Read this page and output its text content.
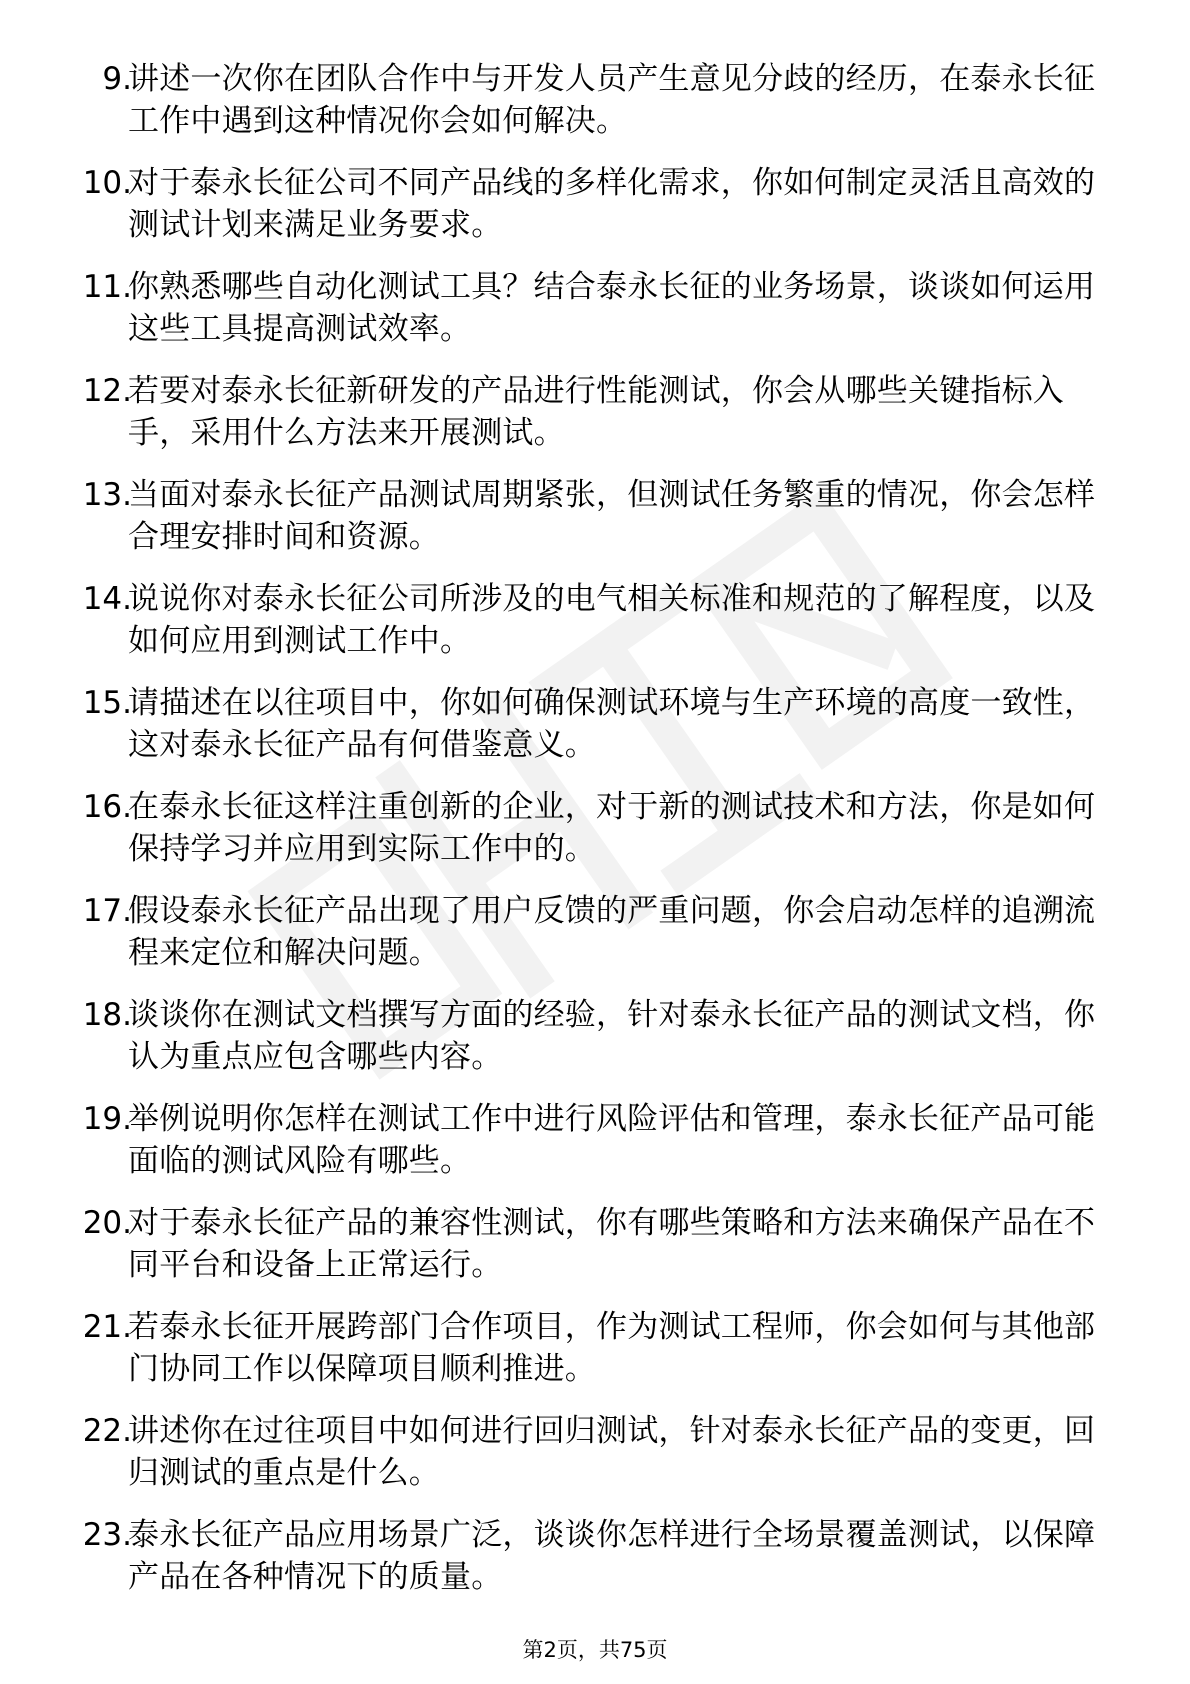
9.
讲述一次你在团队合作中与开发人员产生意见分歧的经历，在泰永长征工作中遇到这种情况你会如何解决。
10.
对于泰永长征公司不同产品线的多样化需求，你如何制定灵活且高效的测试计划来满足业务要求。
11.
你熟悉哪些自动化测试工具？结合泰永长征的业务场景，谈谈如何运用这些工具提高测试效率。
12.
若要对泰永长征新研发的产品进行性能测试，你会从哪些关键指标入手，采用什么方法来开展测试。
13.
当面对泰永长征产品测试周期紧张，但测试任务繁重的情况，你会怎样合理安排时间和资源。
14.
说说你对泰永长征公司所涉及的电气相关标准和规范的了解程度，以及如何应用到测试工作中。
15.
请描述在以往项目中，你如何确保测试环境与生产环境的高度一致性，这对泰永长征产品有何借鉴意义。
16.
在泰永长征这样注重创新的企业，对于新的测试技术和方法，你是如何保持学习并应用到实际工作中的。
17.
假设泰永长征产品出现了用户反馈的严重问题，你会启动怎样的追溯流程来定位和解决问题。
18.
谈谈你在测试文档撰写方面的经验，针对泰永长征产品的测试文档，你认为重点应包含哪些内容。
19.
举例说明你怎样在测试工作中进行风险评估和管理，泰永长征产品可能面临的测试风险有哪些。
20.
对于泰永长征产品的兼容性测试，你有哪些策略和方法来确保产品在不同平台和设备上正常运行。
21.
若泰永长征开展跨部门合作项目，作为测试工程师，你会如何与其他部门协同工作以保障项目顺利推进。
22.
讲述你在过往项目中如何进行回归测试，针对泰永长征产品的变更，回归测试的重点是什么。
23.
泰永长征产品应用场景广泛，谈谈你怎样进行全场景覆盖测试，以保障产品在各种情况下的质量。
第2页，共75页
